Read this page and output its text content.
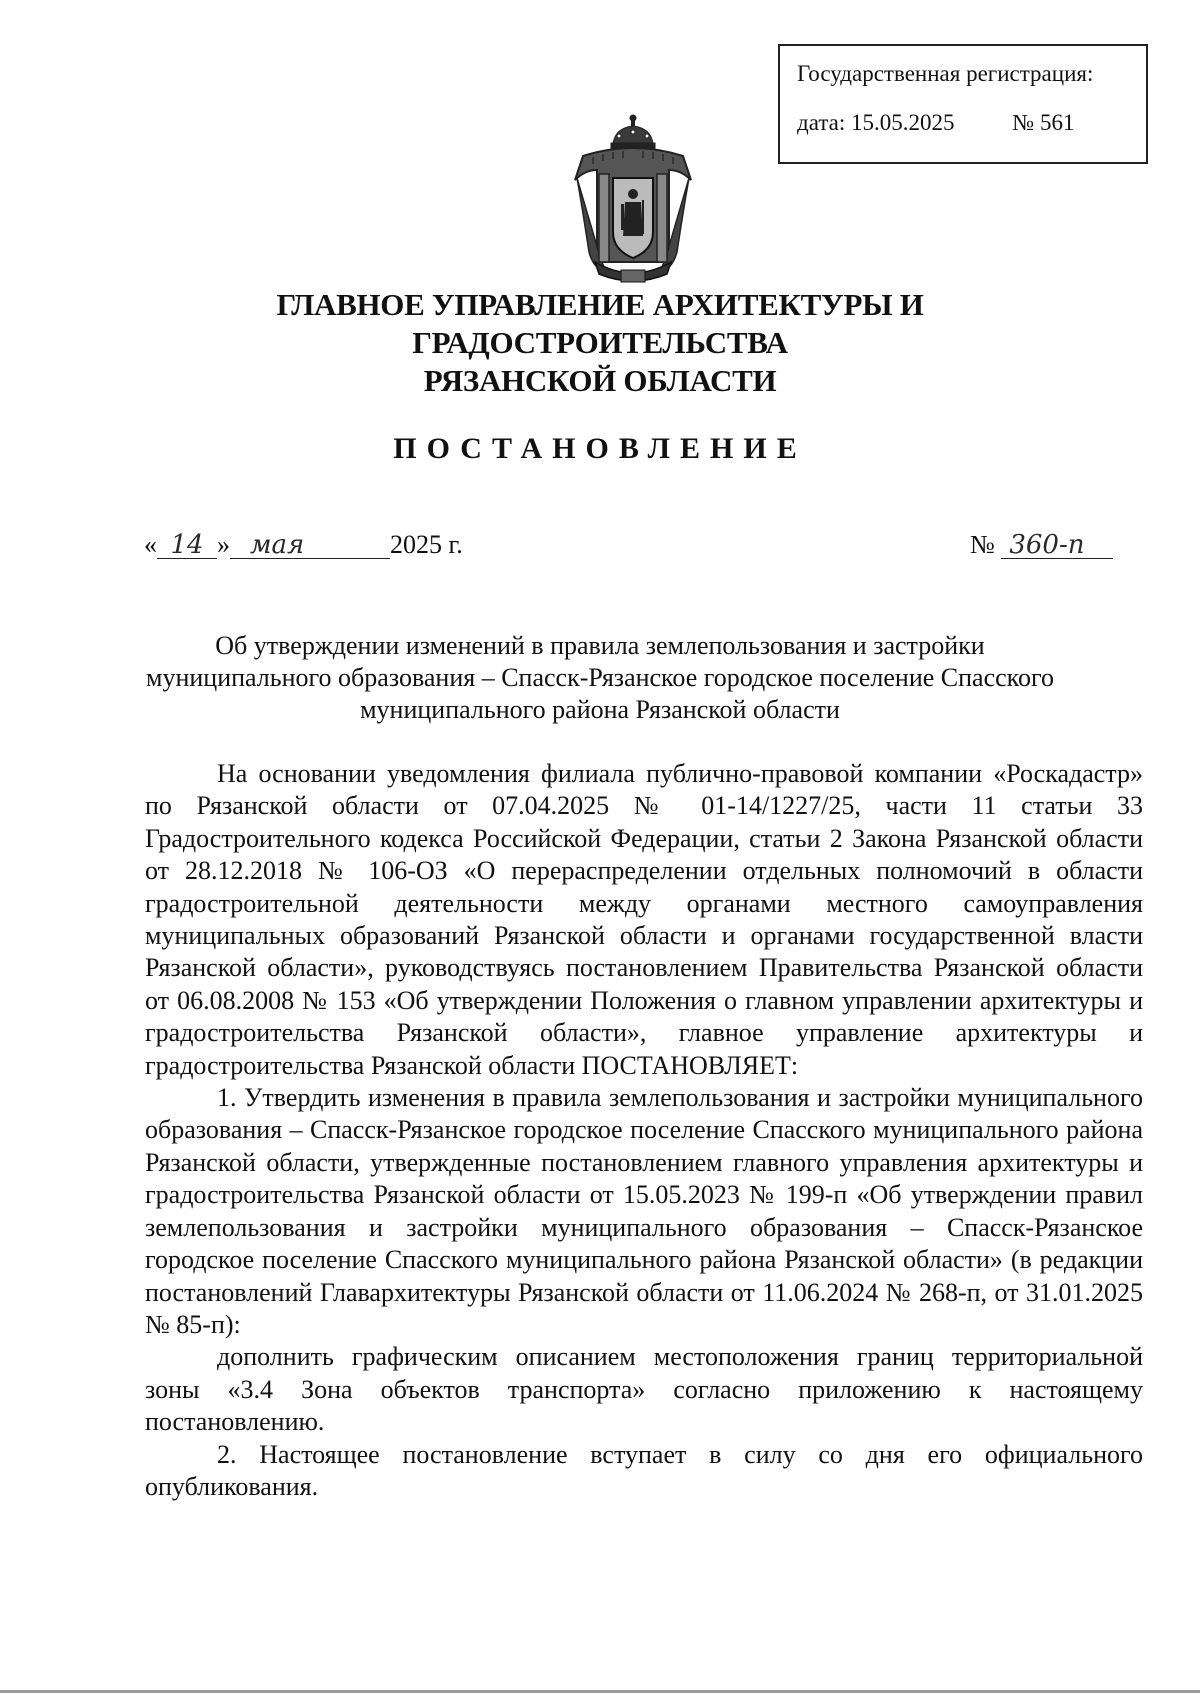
Государственная регистрация:
дата: 15.05.2025	№ 561
ГЛАВНОЕ УПРАВЛЕНИЕ АРХИТЕКТУРЫ И ГРАДОСТРОИТЕЛЬСТВА
РЯЗАНСКОЙ ОБЛАСТИ
ПОСТАНОВЛЕНИЕ
« 14 » мая	2025 г.	№ 360-п
Об утверждении изменений в правила землепользования и застройки
муниципального образования – Спасск-Рязанское городское поселение Спасского
муниципального района Рязанской области

На основании уведомления филиала публично-правовой компании «Роскадастр» по Рязанской области от 07.04.2025 № 01-14/1227/25, части 11 статьи 33 Градостроительного кодекса Российской Федерации, статьи 2 Закона Рязанской области от 28.12.2018 № 106-ОЗ «О перераспределении отдельных полномочий в области градостроительной деятельности между органами местного самоуправления муниципальных образований Рязанской области и органами государственной власти Рязанской области», руководствуясь постановлением Правительства Рязанской области от 06.08.2008 № 153 «Об утверждении Положения о главном управлении архитектуры и градостроительства Рязанской области», главное управление архитектуры и градостроительства Рязанской области ПОСТАНОВЛЯЕТ:

1. Утвердить изменения в правила землепользования и застройки муниципального образования – Спасск-Рязанское городское поселение Спасского муниципального района Рязанской области, утвержденные постановлением главного управления архитектуры и градостроительства Рязанской области от 15.05.2023 № 199-п «Об утверждении правил землепользования и застройки муниципального образования – Спасск-Рязанское городское поселение Спасского муниципального района Рязанской области» (в редакции постановлений Главархитектуры Рязанской области от 11.06.2024 № 268-п, от 31.01.2025 № 85-п):

дополнить графическим описанием местоположения границ территориальной зоны «3.4 Зона объектов транспорта» согласно приложению к настоящему постановлению.

2. Настоящее постановление вступает в силу со дня его официального опубликования.
